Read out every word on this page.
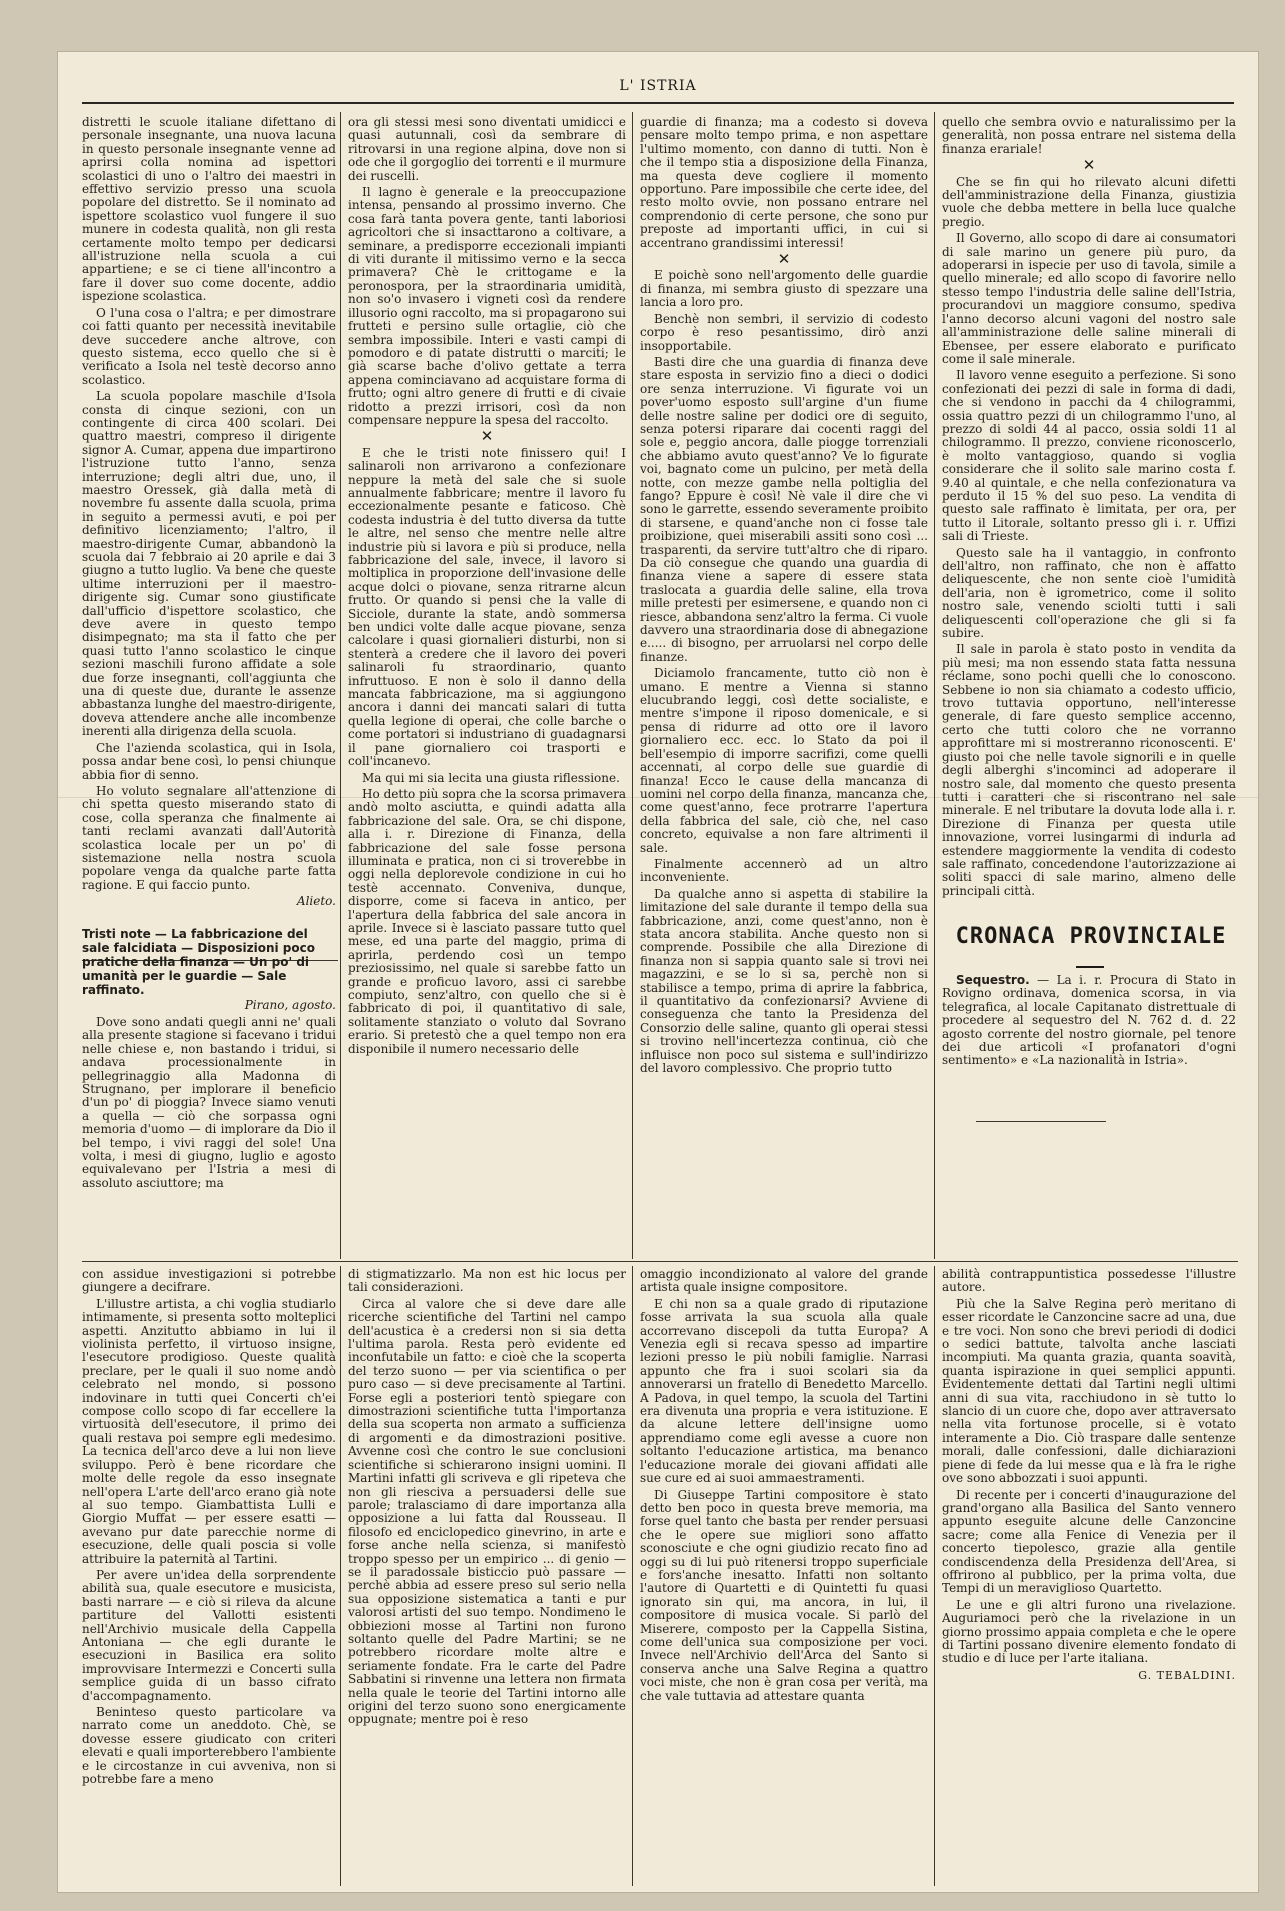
L' ISTRIA

distretti le scuole italiane difettano di personale insegnante, una nuova lacuna in questo personale insegnante venne ad aprirsi colla nomina ad ispettori scolastici di uno o l'altro dei maestri in effettivo servizio presso una scuola popolare del distretto. Se il nominato ad ispettore scolastico vuol fungere il suo munere in codesta qualità, non gli resta certamente molto tempo per dedicarsi all'istruzione nella scuola a cui appartiene; e se ci tiene all'incontro a fare il dover suo come docente, addio ispezione scolastica.

O l'una cosa o l'altra; e per dimostrare coi fatti quanto per necessità inevitabile deve succedere anche altrove, con questo sistema, ecco quello che si è verificato a Isola nel testè decorso anno scolastico.

La scuola popolare maschile d'Isola consta di cinque sezioni, con un contingente di circa 400 scolari. Dei quattro maestri, compreso il dirigente signor A. Cumar, appena due impartirono l'istruzione tutto l'anno, senza interruzione; degli altri due, uno, il maestro Oressek, già dalla metà di novembre fu assente dalla scuola, prima in seguito a permessi avuti, e poi per definitivo licenziamento; l'altro, il maestro-dirigente Cumar, abbandonò la scuola dai 7 febbraio ai 20 aprile e dai 3 giugno a tutto luglio. Va bene che queste ultime interruzioni per il maestro-dirigente sig. Cumar sono giustificate dall'ufficio d'ispettore scolastico, che deve avere in questo tempo disimpegnato; ma sta il fatto che per quasi tutto l'anno scolastico le cinque sezioni maschili furono affidate a sole due forze insegnanti, coll'aggiunta che una di queste due, durante le assenze abbastanza lunghe del maestro-dirigente, doveva attendere anche alle incombenze inerenti alla dirigenza della scuola.

Che l'azienda scolastica, qui in Isola, possa andar bene così, lo pensi chiunque abbia fior di senno.

Ho voluto segnalare all'attenzione di chi spetta questo miserando stato di cose, colla speranza che finalmente ai tanti reclami avanzati dall'Autorità scolastica locale per un po' di sistemazione nella nostra scuola popolare venga da qualche parte fatta ragione. E qui faccio punto.

Alieto.
Tristi note — La fabbricazione del sale falcidiata — Disposizioni poco pratiche della finanza — Un po' di umanità per le guardie — Sale raffinato.
Pirano, agosto.

Dove sono andati quegli anni ne' quali alla presente stagione si facevano i tridui nelle chiese e, non bastando i tridui, si andava processionalmente in pellegrinaggio alla Madonna di Strugnano, per implorare il beneficio d'un po' di pioggia? Invece siamo venuti a quella — ciò che sorpassa ogni memoria d'uomo — di implorare da Dio il bel tempo, i vivi raggi del sole! Una volta, i mesi di giugno, luglio e agosto equivalevano per l'Istria a mesi di assoluto asciuttore; ma

ora gli stessi mesi sono diventati umidicci e quasi autunnali, così da sembrare di ritrovarsi in una regione alpina, dove non si ode che il gorgoglio dei torrenti e il murmure dei ruscelli.

Il lagno è generale e la preoccupazione intensa, pensando al prossimo inverno. Che cosa farà tanta povera gente, tanti laboriosi agricoltori che si insacttarono a coltivare, a seminare, a predisporre eccezionali impianti di viti durante il mitissimo verno e la secca primavera? Chè le crittogame e la peronospora, per la straordinaria umidità, non so'o invasero i vigneti così da rendere illusorio ogni raccolto, ma si propagarono sui frutteti e persino sulle ortaglie, ciò che sembra impossibile. Interi e vasti campi di pomodoro e di patate distrutti o marciti; le già scarse bache d'olivo gettate a terra appena cominciavano ad acquistare forma di frutto; ogni altro genere di frutti e di civaie ridotto a prezzi irrisori, così da non compensare neppure la spesa del raccolto.

✕

E che le tristi note finissero qui! I salinaroli non arrivarono a confezionare neppure la metà del sale che si suole annualmente fabbricare; mentre il lavoro fu eccezionalmente pesante e faticoso. Chè codesta industria è del tutto diversa da tutte le altre, nel senso che mentre nelle altre industrie più si lavora e più si produce, nella fabbricazione del sale, invece, il lavoro si moltiplica in proporzione dell'invasione delle acque dolci o piovane, senza ritrarne alcun frutto. Or quando si pensi che la valle di Sicciole, durante la state, andò sommersa ben undici volte dalle acque piovane, senza calcolare i quasi giornalieri disturbi, non si stenterà a credere che il lavoro dei poveri salinaroli fu straordinario, quanto infruttuoso. E non è solo il danno della mancata fabbricazione, ma si aggiungono ancora i danni dei mancati salari di tutta quella legione di operai, che colle barche o come portatori si industriano di guadagnarsi il pane giornaliero coi trasporti e coll'incanevo.

Ma qui mi sia lecita una giusta riflessione.

Ho detto più sopra che la scorsa primavera andò molto asciutta, e quindi adatta alla fabbricazione del sale. Ora, se chi dispone, alla i. r. Direzione di Finanza, della fabbricazione del sale fosse persona illuminata e pratica, non ci si troverebbe in oggi nella deplorevole condizione in cui ho testè accennato. Conveniva, dunque, disporre, come si faceva in antico, per l'apertura della fabbrica del sale ancora in aprile. Invece si è lasciato passare tutto quel mese, ed una parte del maggio, prima di aprirla, perdendo così un tempo preziosissimo, nel quale si sarebbe fatto un grande e proficuo lavoro, assi ci sarebbe compiuto, senz'altro, con quello che si è fabbricato di poi, il quantitativo di sale, solitamente stanziato o voluto dal Sovrano erario. Si pretestò che a quel tempo non era disponibile il numero necessario delle

guardie di finanza; ma a codesto si doveva pensare molto tempo prima, e non aspettare l'ultimo momento, con danno di tutti. Non è che il tempo stia a disposizione della Finanza, ma questa deve cogliere il momento opportuno. Pare impossibile che certe idee, del resto molto ovvie, non possano entrare nel comprendonio di certe persone, che sono pur preposte ad importanti uffici, in cui si accentrano grandissimi interessi!

✕

E poichè sono nell'argomento delle guardie di finanza, mi sembra giusto di spezzare una lancia a loro pro.

Benchè non sembri, il servizio di codesto corpo è reso pesantissimo, dirò anzi insopportabile.

Basti dire che una guardia di finanza deve stare esposta in servizio fino a dieci o dodici ore senza interruzione. Vi figurate voi un pover'uomo esposto sull'argine d'un fiume delle nostre saline per dodici ore di seguito, senza potersi riparare dai cocenti raggi del sole e, peggio ancora, dalle piogge torrenziali che abbiamo avuto quest'anno? Ve lo figurate voi, bagnato come un pulcino, per metà della notte, con mezze gambe nella poltiglia del fango? Eppure è così! Nè vale il dire che vi sono le garrette, essendo severamente proibito di starsene, e quand'anche non ci fosse tale proibizione, quei miserabili assiti sono così ... trasparenti, da servire tutt'altro che di riparo. Da ciò consegue che quando una guardia di finanza viene a sapere di essere stata traslocata a guardia delle saline, ella trova mille pretesti per esimersene, e quando non ci riesce, abbandona senz'altro la ferma. Ci vuole davvero una straordinaria dose di abnegazione e..... di bisogno, per arruolarsi nel corpo delle finanze.

Diciamolo francamente, tutto ciò non è umano. E mentre a Vienna si stanno elucubrando leggi, così dette socialiste, e mentre s'impone il riposo domenicale, e si pensa di ridurre ad otto ore il lavoro giornaliero ecc. ecc. lo Stato da poi il bell'esempio di imporre sacrifizi, come quelli accennati, al corpo delle sue guardie di finanza! Ecco le cause della mancanza di uomini nel corpo della finanza, mancanza che, come quest'anno, fece protrarre l'apertura della fabbrica del sale, ciò che, nel caso concreto, equivalse a non fare altrimenti il sale.

Finalmente accennerò ad un altro inconveniente.

Da qualche anno si aspetta di stabilire la limitazione del sale durante il tempo della sua fabbricazione, anzi, come quest'anno, non è stata ancora stabilita. Anche questo non si comprende. Possibile che alla Direzione di finanza non si sappia quanto sale si trovi nei magazzini, e se lo si sa, perchè non si stabilisce a tempo, prima di aprire la fabbrica, il quantitativo da confezionarsi? Avviene di conseguenza che tanto la Presidenza del Consorzio delle saline, quanto gli operai stessi si trovino nell'incertezza continua, ciò che influisce non poco sul sistema e sull'indirizzo del lavoro complessivo. Che proprio tutto

quello che sembra ovvio e naturalissimo per la generalità, non possa entrare nel sistema della finanza erariale!

✕

Che se fin qui ho rilevato alcuni difetti dell'amministrazione della Finanza, giustizia vuole che debba mettere in bella luce qualche pregio.

Il Governo, allo scopo di dare ai consumatori di sale marino un genere più puro, da adoperarsi in ispecie per uso di tavola, simile a quello minerale; ed allo scopo di favorire nello stesso tempo l'industria delle saline dell'Istria, procurandovi un maggiore consumo, spediva l'anno decorso alcuni vagoni del nostro sale all'amministrazione delle saline minerali di Ebensee, per essere elaborato e purificato come il sale minerale.

Il lavoro venne eseguito a perfezione. Si sono confezionati dei pezzi di sale in forma di dadi, che si vendono in pacchi da 4 chilogrammi, ossia quattro pezzi di un chilogrammo l'uno, al prezzo di soldi 44 al pacco, ossia soldi 11 al chilogrammo. Il prezzo, conviene riconoscerlo, è molto vantaggioso, quando si voglia considerare che il solito sale marino costa f. 9.40 al quintale, e che nella confezionatura va perduto il 15 % del suo peso. La vendita di questo sale raffinato è limitata, per ora, per tutto il Litorale, soltanto presso gli i. r. Uffizi sali di Trieste.

Questo sale ha il vantaggio, in confronto dell'altro, non raffinato, che non è affatto deliquescente, che non sente cioè l'umidità dell'aria, non è igrometrico, come il solito nostro sale, venendo sciolti tutti i sali deliquescenti coll'operazione che gli si fa subire.

Il sale in parola è stato posto in vendita da più mesi; ma non essendo stata fatta nessuna réclame, sono pochi quelli che lo conoscono. Sebbene io non sia chiamato a codesto ufficio, trovo tuttavia opportuno, nell'interesse generale, di fare questo semplice accenno, certo che tutti coloro che ne vorranno approfittare mi si mostreranno riconoscenti. E' giusto poi che nelle tavole signorili e in quelle degli alberghi s'incominci ad adoperare il nostro sale, dal momento che questo presenta tutti i caratteri che si riscontrano nel sale minerale. E nel tributare la dovuta lode alla i. r. Direzione di Finanza per questa utile innovazione, vorrei lusingarmi di indurla ad estendere maggiormente la vendita di codesto sale raffinato, concedendone l'autorizzazione ai soliti spacci di sale marino, almeno delle principali città.

CRONACA PROVINCIALE

Sequestro. — La i. r. Procura di Stato in Rovigno ordinava, domenica scorsa, in via telegrafica, al locale Capitanato distrettuale di procedere al sequestro del N. 762 d. d. 22 agosto corrente del nostro giornale, pel tenore dei due articoli «I profanatori d'ogni sentimento» e «La nazionalità in Istria».

con assidue investigazioni si potrebbe giungere a decifrare.

L'illustre artista, a chi voglia studiarlo intimamente, si presenta sotto molteplici aspetti. Anzitutto abbiamo in lui il violinista perfetto, il virtuoso insigne, l'esecutore prodigioso. Queste qualità preclare, per le quali il suo nome andò celebrato nel mondo, si possono indovinare in tutti quei Concerti ch'ei compose collo scopo di far eccellere la virtuosità dell'esecutore, il primo dei quali restava poi sempre egli medesimo. La tecnica dell'arco deve a lui non lieve sviluppo. Però è bene ricordare che molte delle regole da esso insegnate nell'opera L'arte dell'arco erano già note al suo tempo. Giambattista Lulli e Giorgio Muffat — per essere esatti — avevano pur date parecchie norme di esecuzione, delle quali poscia si volle attribuire la paternità al Tartini.

Per avere un'idea della sorprendente abilità sua, quale esecutore e musicista, basti narrare — e ciò si rileva da alcune partiture del Vallotti esistenti nell'Archivio musicale della Cappella Antoniana — che egli durante le esecuzioni in Basilica era solito improvvisare Intermezzi e Concerti sulla semplice guida di un basso cifrato d'accompagnamento.

Beninteso questo particolare va narrato come un aneddoto. Chè, se dovesse essere giudicato con criteri elevati e quali importerebbero l'ambiente e le circostanze in cui avveniva, non si potrebbe fare a meno

di stigmatizzarlo. Ma non est hic locus per tali considerazioni.

Circa al valore che si deve dare alle ricerche scientifiche del Tartini nel campo dell'acustica è a credersi non si sia detta l'ultima parola. Resta però evidente ed inconfutabile un fatto: e cioè che la scoperta del terzo suono — per via scientifica o per puro caso — si deve precisamente al Tartini. Forse egli a posteriori tentò spiegare con dimostrazioni scientifiche tutta l'importanza della sua scoperta non armato a sufficienza di argomenti e da dimostrazioni positive. Avvenne così che contro le sue conclusioni scientifiche si schierarono insigni uomini. Il Martini infatti gli scriveva e gli ripeteva che non gli riesciva a persuadersi delle sue parole; tralasciamo di dare importanza alla opposizione a lui fatta dal Rousseau. Il filosofo ed enciclopedico ginevrino, in arte e forse anche nella scienza, si manifestò troppo spesso per un empirico ... di genio — se il paradossale bisticcio può passare — perchè abbia ad essere preso sul serio nella sua opposizione sistematica a tanti e pur valorosi artisti del suo tempo. Nondimeno le obbiezioni mosse al Tartini non furono soltanto quelle del Padre Martini; se ne potrebbero ricordare molte altre e seriamente fondate. Fra le carte del Padre Sabbatini si rinvenne una lettera non firmata nella quale le teorie del Tartini intorno alle origini del terzo suono sono energicamente oppugnate; mentre poi è reso

omaggio incondizionato al valore del grande artista quale insigne compositore.

E chi non sa a quale grado di riputazione fosse arrivata la sua scuola alla quale accorrevano discepoli da tutta Europa? A Venezia egli si recava spesso ad impartire lezioni presso le più nobili famiglie. Narrasi appunto che fra i suoi scolari sia da annoverarsi un fratello di Benedetto Marcello. A Padova, in quel tempo, la scuola del Tartini era divenuta una propria e vera istituzione. E da alcune lettere dell'insigne uomo apprendiamo come egli avesse a cuore non soltanto l'educazione artistica, ma benanco l'educazione morale dei giovani affidati alle sue cure ed ai suoi ammaestramenti.

Di Giuseppe Tartini compositore è stato detto ben poco in questa breve memoria, ma forse quel tanto che basta per render persuasi che le opere sue migliori sono affatto sconosciute e che ogni giudizio recato fino ad oggi su di lui può ritenersi troppo superficiale e fors'anche inesatto. Infatti non soltanto l'autore di Quartetti e di Quintetti fu quasi ignorato sin qui, ma ancora, in lui, il compositore di musica vocale. Si parlò del Miserere, composto per la Cappella Sistina, come dell'unica sua composizione per voci. Invece nell'Archivio dell'Arca del Santo si conserva anche una Salve Regina a quattro voci miste, che non è gran cosa per verità, ma che vale tuttavia ad attestare quanta

abilità contrappuntistica possedesse l'illustre autore.

Più che la Salve Regina però meritano di esser ricordate le Canzoncine sacre ad una, due e tre voci. Non sono che brevi periodi di dodici o sedici battute, talvolta anche lasciati incompiuti. Ma quanta grazia, quanta soavità, quanta ispirazione in quei semplici appunti. Evidentemente dettati dal Tartini negli ultimi anni di sua vita, racchiudono in sè tutto lo slancio di un cuore che, dopo aver attraversato nella vita fortunose procelle, si è votato interamente a Dio. Ciò traspare dalle sentenze morali, dalle confessioni, dalle dichiarazioni piene di fede da lui messe qua e là fra le righe ove sono abbozzati i suoi appunti.

Di recente per i concerti d'inaugurazione del grand'organo alla Basilica del Santo vennero appunto eseguite alcune delle Canzoncine sacre; come alla Fenice di Venezia per il concerto tiepolesco, grazie alla gentile condiscendenza della Presidenza dell'Area, si offrirono al pubblico, per la prima volta, due Tempi di un meraviglioso Quartetto.

Le une e gli altri furono una rivelazione. Auguriamoci però che la rivelazione in un giorno prossimo appaia completa e che le opere di Tartini possano divenire elemento fondato di studio e di luce per l'arte italiana.

G. TEBALDINI.
